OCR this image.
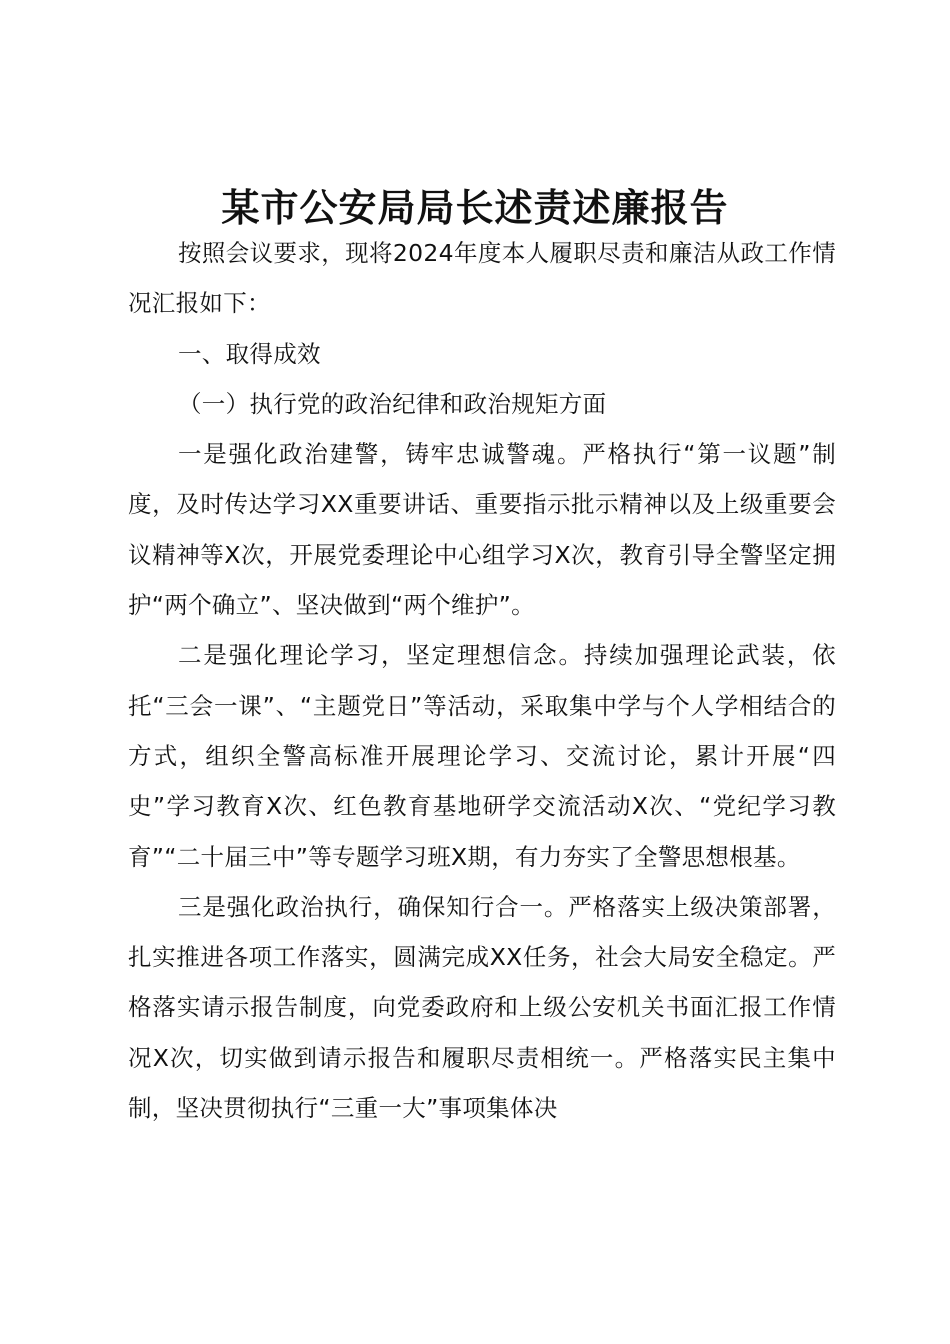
某市公安局局长述责述廉报告

按照会议要求，现将2024年度本人履职尽责和廉洁从政工作情况汇报如下：

一、取得成效

（一）执行党的政治纪律和政治规矩方面

一是强化政治建警，铸牢忠诚警魂。严格执行“第一议题”制度，及时传达学习XX重要讲话、重要指示批示精神以及上级重要会议精神等X次，开展党委理论中心组学习X次，教育引导全警坚定拥护“两个确立”、坚决做到“两个维护”。

二是强化理论学习，坚定理想信念。持续加强理论武装，依托“三会一课”、“主题党日”等活动，采取集中学与个人学相结合的方式，组织全警高标准开展理论学习、交流讨论，累计开展“四史”学习教育X次、红色教育基地研学交流活动X次、“党纪学习教育”“二十届三中”等专题学习班X期，有力夯实了全警思想根基。

三是强化政治执行，确保知行合一。严格落实上级决策部署，扎实推进各项工作落实，圆满完成XX任务，社会大局安全稳定。严格落实请示报告制度，向党委政府和上级公安机关书面汇报工作情况X次，切实做到请示报告和履职尽责相统一。严格落实民主集中制，坚决贯彻执行“三重一大”事项集体决
